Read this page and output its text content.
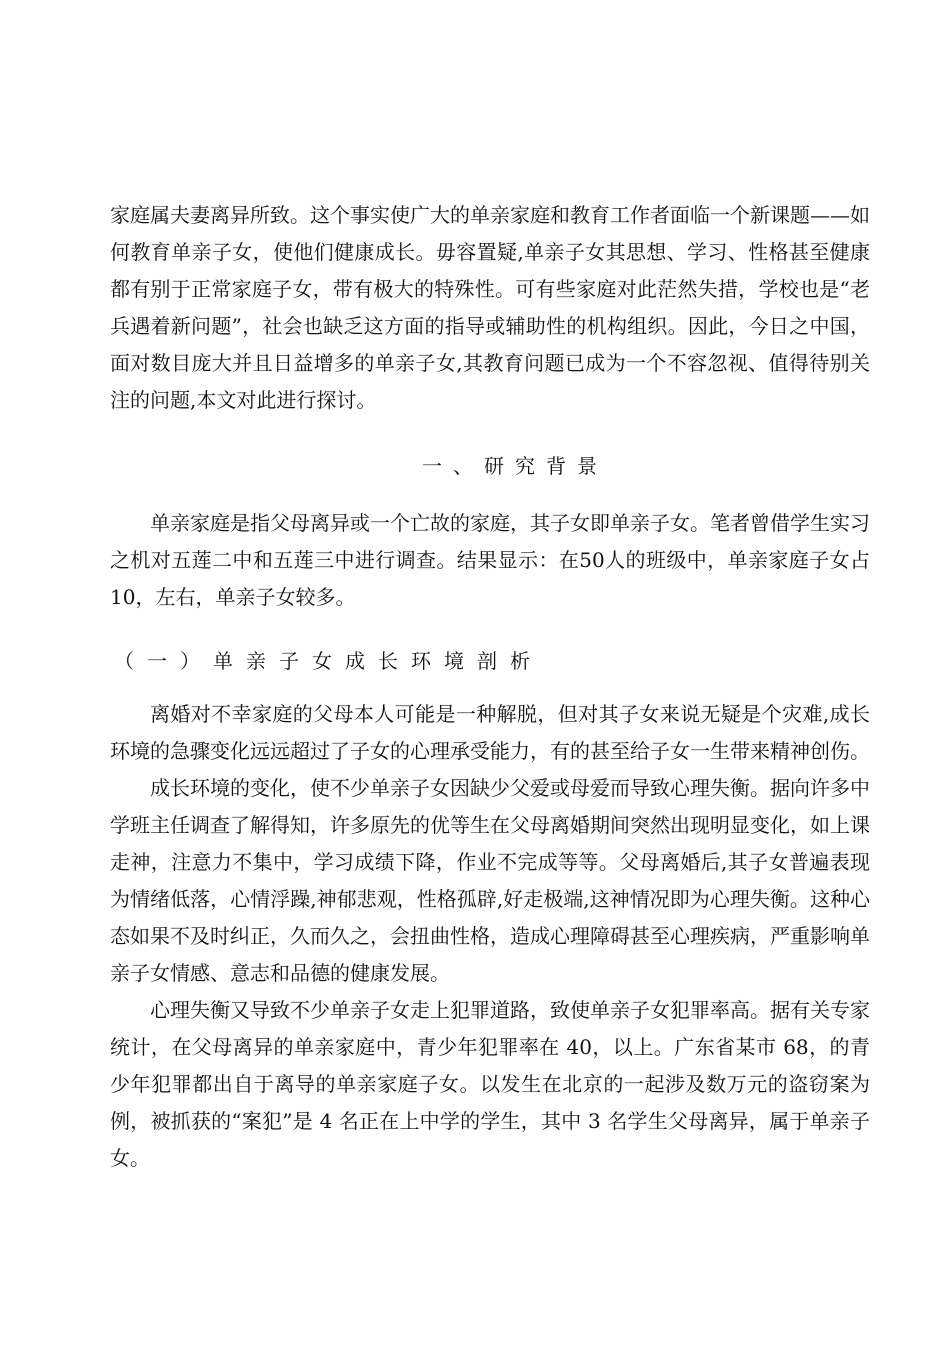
家庭属夫妻离异所致。这个事实使广大的单亲家庭和教育工作者面临一个新课题——如何教育单亲子女，使他们健康成长。毋容置疑,单亲子女其思想、学习、性格甚至健康都有别于正常家庭子女，带有极大的特殊性。可有些家庭对此茫然失措，学校也是“老兵遇着新问题”，社会也缺乏这方面的指导或辅助性的机构组织。因此，今日之中国，面对数目庞大并且日益增多的单亲子女,其教育问题已成为一个不容忽视、值得待别关注的问题,本文对此进行探讨。

一、研究背景

单亲家庭是指父母离异或一个亡故的家庭，其子女即单亲子女。笔者曾借学生实习之机对五莲二中和五莲三中进行调查。结果显示：在50人的班级中，单亲家庭子女占 10，左右，单亲子女较多。

（一）单亲子女成长环境剖析

离婚对不幸家庭的父母本人可能是一种解脱，但对其子女来说无疑是个灾难,成长环境的急骤变化远远超过了子女的心理承受能力，有的甚至给子女一生带来精神创伤。

成长环境的变化，使不少单亲子女因缺少父爱或母爱而导致心理失衡。据向许多中学班主任调查了解得知，许多原先的优等生在父母离婚期间突然出现明显变化，如上课走神，注意力不集中，学习成绩下降，作业不完成等等。父母离婚后,其子女普遍表现为情绪低落，心情浮躁,神郁悲观，性格孤辟,好走极端,这神情况即为心理失衡。这种心态如果不及时纠正，久而久之，会扭曲性格，造成心理障碍甚至心理疾病，严重影响单亲子女情感、意志和品德的健康发展。

心理失衡又导致不少单亲子女走上犯罪道路，致使单亲子女犯罪率高。据有关专家统计，在父母离异的单亲家庭中，青少年犯罪率在 40，以上。广东省某市 68，的青少年犯罪都出自于离导的单亲家庭子女。以发生在北京的一起涉及数万元的盗窃案为例，被抓获的“案犯”是 4 名正在上中学的学生，其中 3 名学生父母离异，属于单亲子女。
